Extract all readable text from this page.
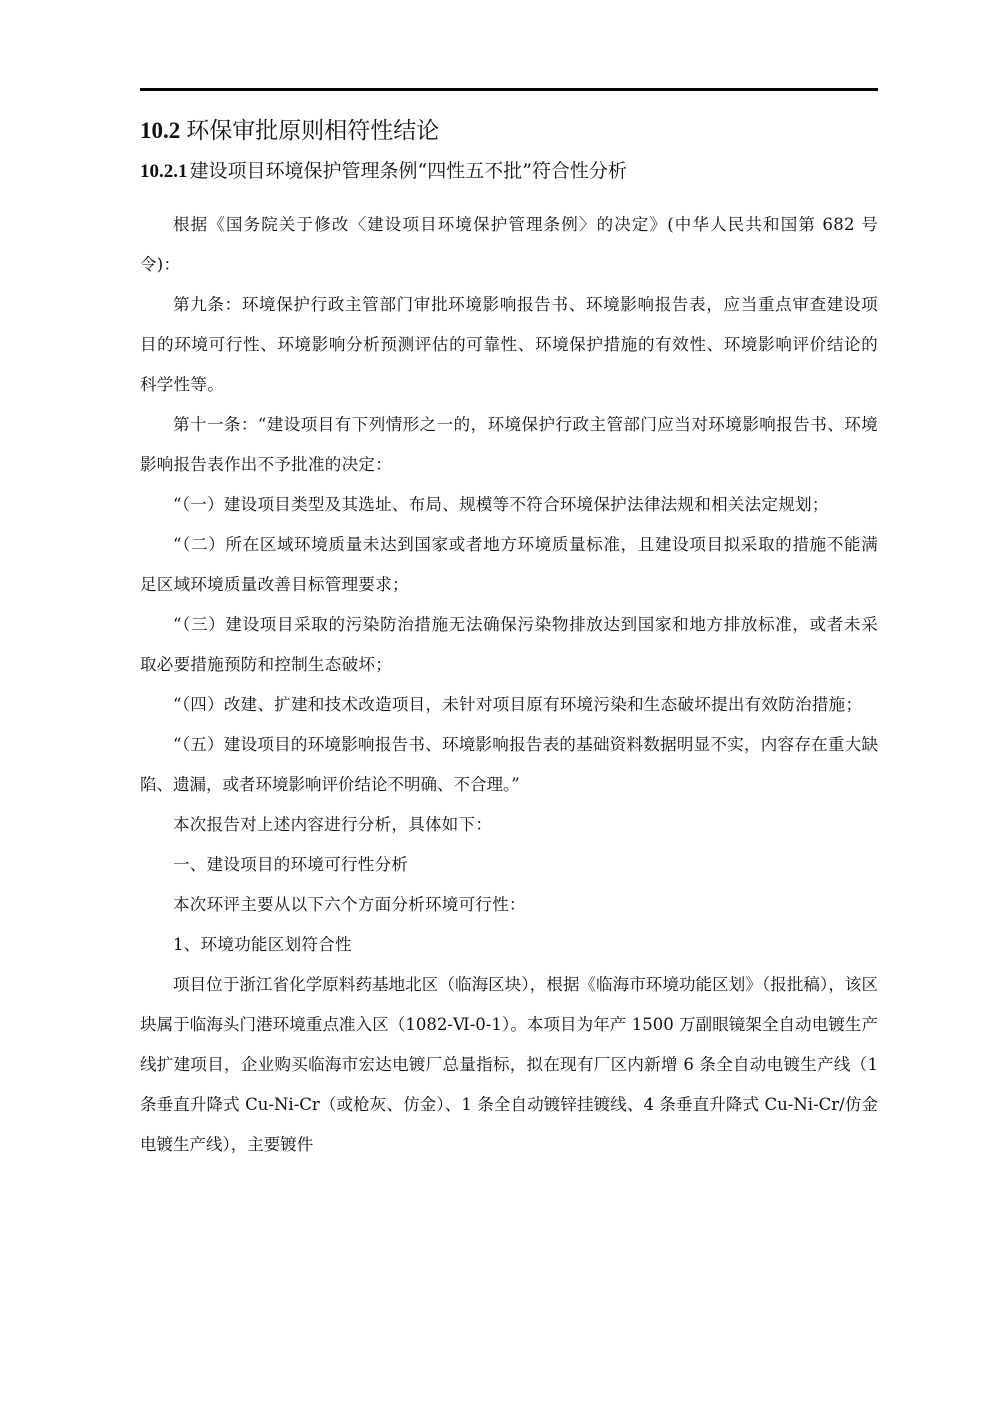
10.2 环保审批原则相符性结论
10.2.1 建设项目环境保护管理条例“四性五不批”符合性分析

根据《国务院关于修改〈建设项目环境保护管理条例〉的决定》(中华人民共和国第 682 号令)：

第九条：环境保护行政主管部门审批环境影响报告书、环境影响报告表，应当重点审查建设项目的环境可行性、环境影响分析预测评估的可靠性、环境保护措施的有效性、环境影响评价结论的科学性等。

第十一条：“建设项目有下列情形之一的，环境保护行政主管部门应当对环境影响报告书、环境影响报告表作出不予批准的决定：

“（一）建设项目类型及其选址、布局、规模等不符合环境保护法律法规和相关法定规划；

“（二）所在区域环境质量未达到国家或者地方环境质量标准，且建设项目拟采取的措施不能满足区域环境质量改善目标管理要求；

“（三）建设项目采取的污染防治措施无法确保污染物排放达到国家和地方排放标准，或者未采取必要措施预防和控制生态破坏；

“（四）改建、扩建和技术改造项目，未针对项目原有环境污染和生态破坏提出有效防治措施；

“（五）建设项目的环境影响报告书、环境影响报告表的基础资料数据明显不实，内容存在重大缺陷、遗漏，或者环境影响评价结论不明确、不合理。”

本次报告对上述内容进行分析，具体如下：

一、建设项目的环境可行性分析

本次环评主要从以下六个方面分析环境可行性：

1、环境功能区划符合性

项目位于浙江省化学原料药基地北区（临海区块），根据《临海市环境功能区划》（报批稿），该区块属于临海头门港环境重点准入区（1082-Ⅵ-0-1）。本项目为年产 1500 万副眼镜架全自动电镀生产线扩建项目，企业购买临海市宏达电镀厂总量指标，拟在现有厂区内新增 6 条全自动电镀生产线（1 条垂直升降式 Cu-Ni-Cr（或枪灰、仿金）、1 条全自动镀锌挂镀线、4 条垂直升降式 Cu-Ni-Cr/仿金电镀生产线），主要镀件
